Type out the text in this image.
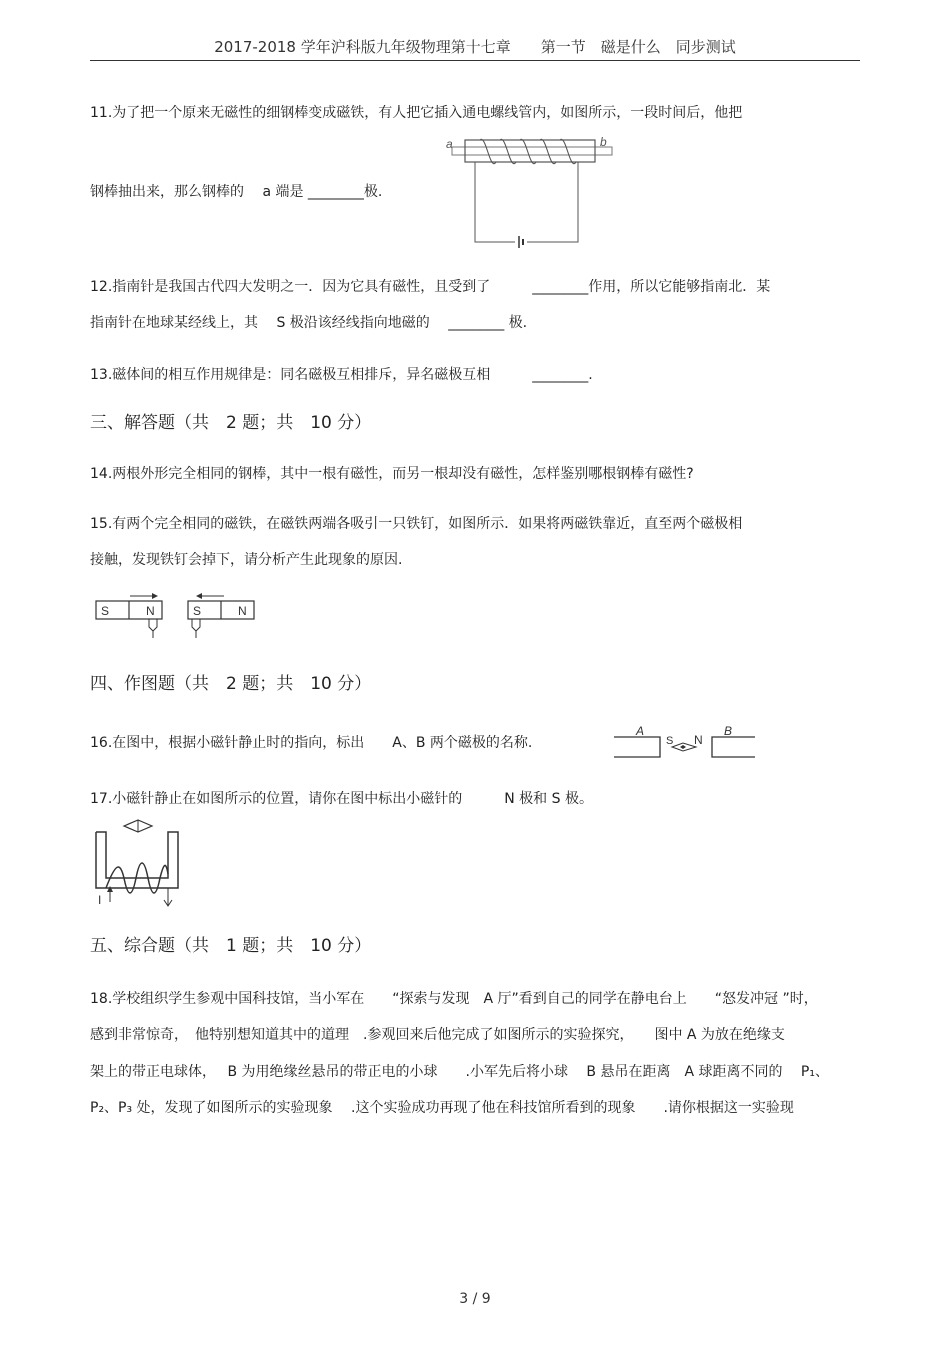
2017-2018 学年沪科版九年级物理第十七章　　第一节　磁是什么　同步测试
11.为了把一个原来无磁性的细钢棒变成磁铁，有人把它插入通电螺线管内，如图所示，一段时间后，他把
钢棒抽出来，那么钢棒的　 a 端是 ________极.
a	b
12.指南针是我国古代四大发明之一．因为它具有磁性，且受到了　　　________作用，所以它能够指南北．某
指南针在地球某经线上，其　 S 极沿该经线指向地磁的　 ________ 极.
13.磁体间的相互作用规律是：同名磁极互相排斥，异名磁极互相　　　________.
三、解答题（共　2 题；共　10 分）
14.两根外形完全相同的钢棒，其中一根有磁性，而另一根却没有磁性，怎样鉴别哪根钢棒有磁性?
15.有两个完全相同的磁铁，在磁铁两端各吸引一只铁钉，如图所示．如果将两磁铁靠近，直至两个磁极相
接触，发现铁钉会掉下，请分析产生此现象的原因.
S	N	S	N
四、作图题（共　2 题；共　10 分）
16.在图中，根据小磁针静止时的指向，标出　　A、B 两个磁极的名称.
A
S N
B
17.小磁针静止在如图所示的位置，请你在图中标出小磁针的　　　N 极和 S 极。
I
五、综合题（共　1 题；共　10 分）
18.学校组织学生参观中国科技馆，当小军在　　“探索与发现　A 厅”看到自己的同学在静电台上　　“怒发冲冠 ”时，
感到非常惊奇，　他特别想知道其中的道理　.参观回来后他完成了如图所示的实验探究，　　图中 A 为放在绝缘支
架上的带正电球体，　 B 为用绝缘丝悬吊的带正电的小球　　.小军先后将小球　 B 悬吊在距离　A 球距离不同的　 P₁、
P₂、P₃ 处，发现了如图所示的实验现象　 .这个实验成功再现了他在科技馆所看到的现象　　.请你根据这一实验现
3 / 9
